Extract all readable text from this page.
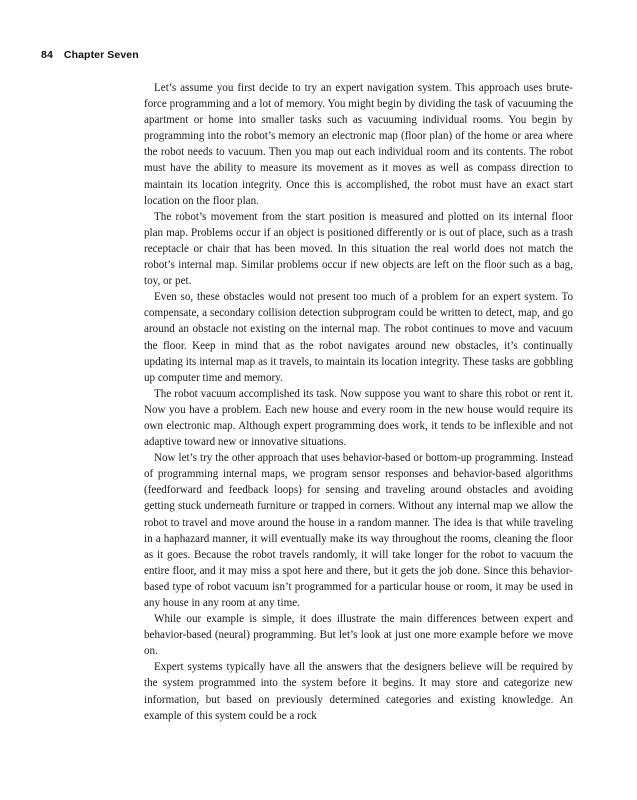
84 Chapter Seven

Let’s assume you first decide to try an expert navigation system. This approach uses brute-force programming and a lot of memory. You might begin by dividing the task of vacuuming the apartment or home into smaller tasks such as vacuuming individual rooms. You begin by programming into the robot’s memory an electronic map (floor plan) of the home or area where the robot needs to vacuum. Then you map out each individual room and its contents. The robot must have the ability to measure its movement as it moves as well as compass direction to maintain its location integrity. Once this is accomplished, the robot must have an exact start location on the floor plan.

The robot’s movement from the start position is measured and plotted on its internal floor plan map. Problems occur if an object is positioned differently or is out of place, such as a trash receptacle or chair that has been moved. In this situation the real world does not match the robot’s internal map. Similar problems occur if new objects are left on the floor such as a bag, toy, or pet.

Even so, these obstacles would not present too much of a problem for an expert system. To compensate, a secondary collision detection subprogram could be written to detect, map, and go around an obstacle not existing on the internal map. The robot continues to move and vacuum the floor. Keep in mind that as the robot navigates around new obstacles, it’s continually updating its internal map as it travels, to maintain its location integrity. These tasks are gobbling up computer time and memory.

The robot vacuum accomplished its task. Now suppose you want to share this robot or rent it. Now you have a problem. Each new house and every room in the new house would require its own electronic map. Although expert programming does work, it tends to be inflexible and not adaptive toward new or innovative situations.

Now let’s try the other approach that uses behavior-based or bottom-up programming. Instead of programming internal maps, we program sensor responses and behavior-based algorithms (feedforward and feedback loops) for sensing and traveling around obstacles and avoiding getting stuck underneath furniture or trapped in corners. Without any internal map we allow the robot to travel and move around the house in a random manner. The idea is that while traveling in a haphazard manner, it will eventually make its way throughout the rooms, cleaning the floor as it goes. Because the robot travels randomly, it will take longer for the robot to vacuum the entire floor, and it may miss a spot here and there, but it gets the job done. Since this behavior-based type of robot vacuum isn’t programmed for a particular house or room, it may be used in any house in any room at any time.

While our example is simple, it does illustrate the main differences between expert and behavior-based (neural) programming. But let’s look at just one more example before we move on.

Expert systems typically have all the answers that the designers believe will be required by the system programmed into the system before it begins. It may store and categorize new information, but based on previously determined categories and existing knowledge. An example of this system could be a rock
